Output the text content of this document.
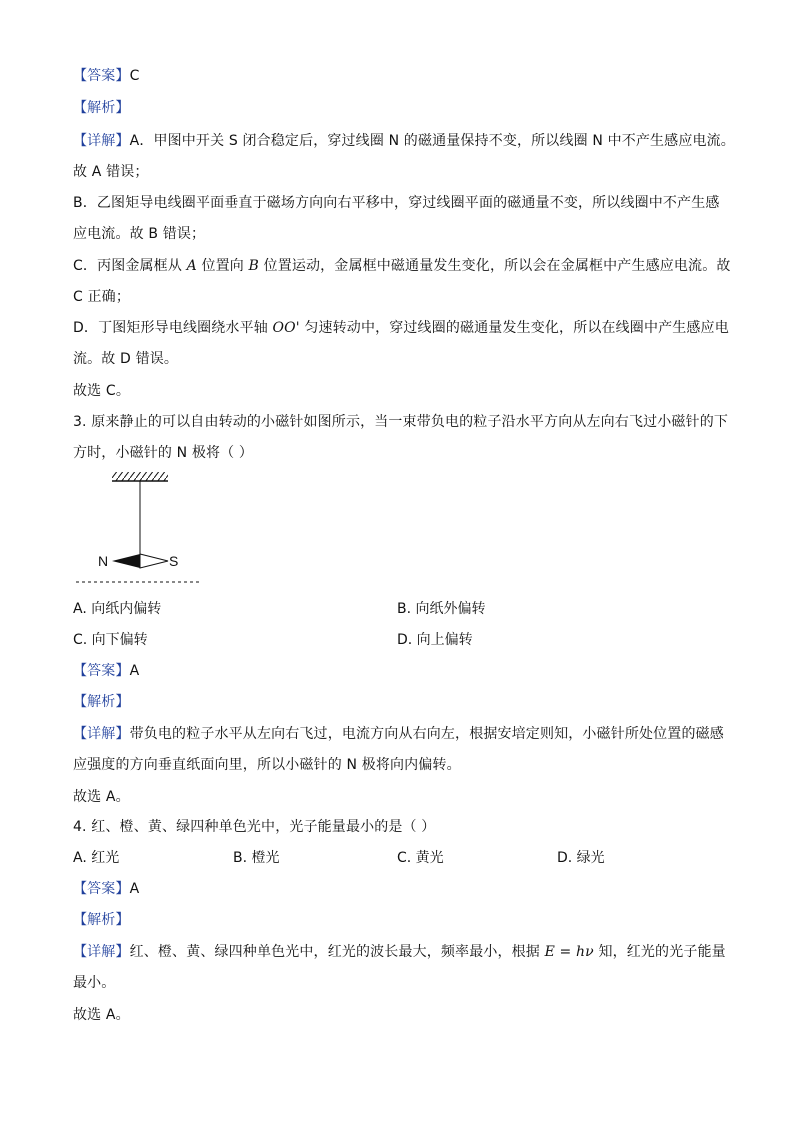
【答案】C
【解析】
【详解】A．甲图中开关 S 闭合稳定后，穿过线圈 N 的磁通量保持不变，所以线圈 N 中不产生感应电流。
故 A 错误；
B．乙图矩导电线圈平面垂直于磁场方向向右平移中，穿过线圈平面的磁通量不变，所以线圈中不产生感
应电流。故 B 错误；
C．丙图金属框从 A 位置向 B 位置运动，金属框中磁通量发生变化，所以会在金属框中产生感应电流。故
C 正确；
D．丁图矩形导电线圈绕水平轴 OO' 匀速转动中，穿过线圈的磁通量发生变化，所以在线圈中产生感应电
流。故 D 错误。
故选 C。
3. 原来静止的可以自由转动的小磁针如图所示，当一束带负电的粒子沿水平方向从左向右飞过小磁针的下
方时，小磁针的 N 极将（ ）
N	S
A. 向纸内偏转	B. 向纸外偏转
C. 向下偏转	D. 向上偏转
【答案】A
【解析】
【详解】带负电的粒子水平从左向右飞过，电流方向从右向左，根据安培定则知，小磁针所处位置的磁感
应强度的方向垂直纸面向里，所以小磁针的 N 极将向内偏转。
故选 A。
4. 红、橙、黄、绿四种单色光中，光子能量最小的是（ ）
A. 红光	B. 橙光	C. 黄光	D. 绿光
【答案】A
【解析】
【详解】红、橙、黄、绿四种单色光中，红光的波长最大，频率最小，根据 E = hν 知，红光的光子能量
最小。
故选 A。
